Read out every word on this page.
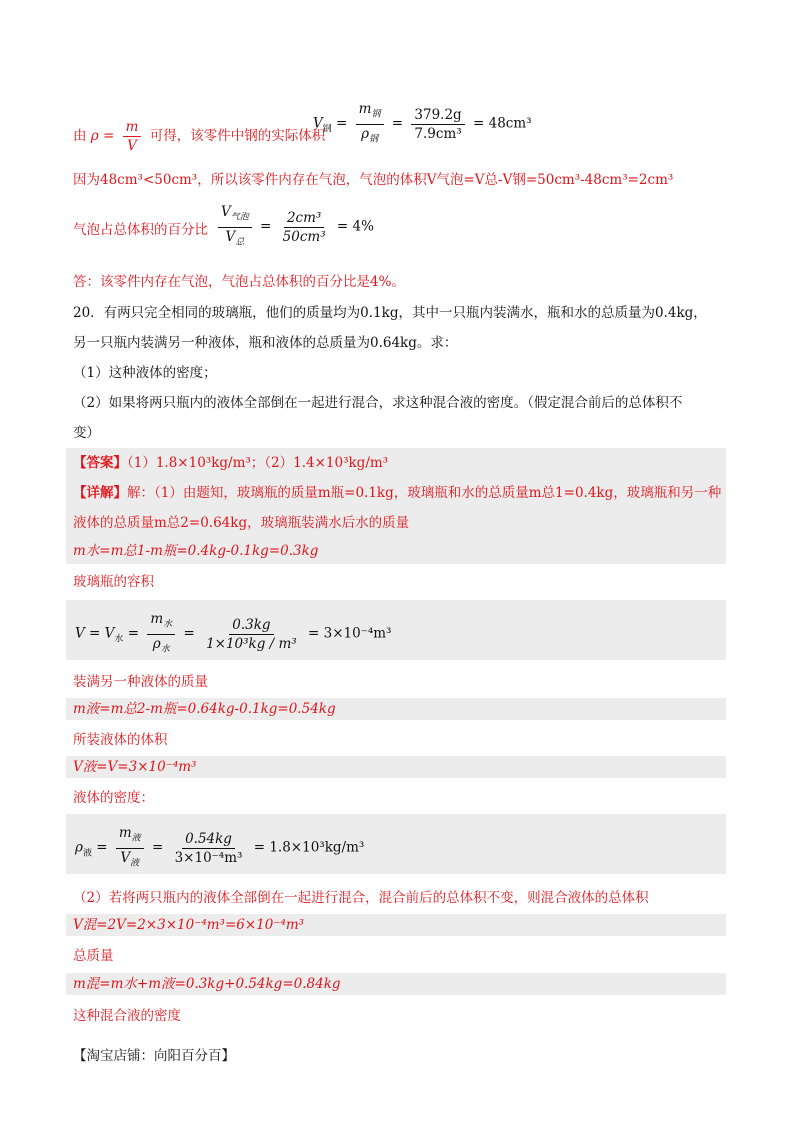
由 $\rho = \frac{m}{V}$ 可得，该零件中钢的实际体积
$V_钢 = \frac{m_钢}{\rho_钢} = \frac{379.2g}{\text{7.9cm³}} = 48cm^3$
因为48cm³<50cm³，所以该零件内存在气泡，气泡的体积V气泡=V总-V钢=50cm³-48cm³=2cm³
气泡占总体积的百分比 $\frac{V_{气泡}}{V_总} = \frac{\text{2cm³}}{\text{50cm³}} = 4\%$
答：该零件内存在气泡，气泡占总体积的百分比是4%。
20．有两只完全相同的玻璃瓶，他们的质量均为0.1kg，其中一只瓶内装满水，瓶和水的总质量为0.4kg，
另一只瓶内装满另一种液体，瓶和液体的总质量为0.64kg。求：
（1）这种液体的密度；
（2）如果将两只瓶内的液体全部倒在一起进行混合，求这种混合液的密度。（假定混合前后的总体积不
变）
【答案】（1）1.8×10³kg/m³；（2）1.4×10³kg/m³
【详解】解：（1）由题知，玻璃瓶的质量m瓶=0.1kg，玻璃瓶和水的总质量m总1=0.4kg，玻璃瓶和另一种
液体的总质量m总2=0.64kg，玻璃瓶装满水后水的质量
m水=m总1-m瓶=0.4kg-0.1kg=0.3kg
玻璃瓶的容积
$V = V_水 = \frac{m_水}{\rho_水} = \frac{0.3kg}{\text{1×10³kg / m³}} = 3\times 10^{-4}m^3$
装满另一种液体的质量
m液=m总2-m瓶=0.64kg-0.1kg=0.54kg
所装液体的体积
V液=V=3×10⁻⁴m³
液体的密度：
$\rho_液 = \frac{m_液}{V_液} = \frac{0.54kg}{\text{3×10⁻⁴m³}} = 1.8\times 10^3kg/m^3$
（2）若将两只瓶内的液体全部倒在一起进行混合，混合前后的总体积不变，则混合液体的总体积
V混=2V=2×3×10⁻⁴m³=6×10⁻⁴m³
总质量
m混=m水+m液=0.3kg+0.54kg=0.84kg
这种混合液的密度
【淘宝店铺：向阳百分百】
